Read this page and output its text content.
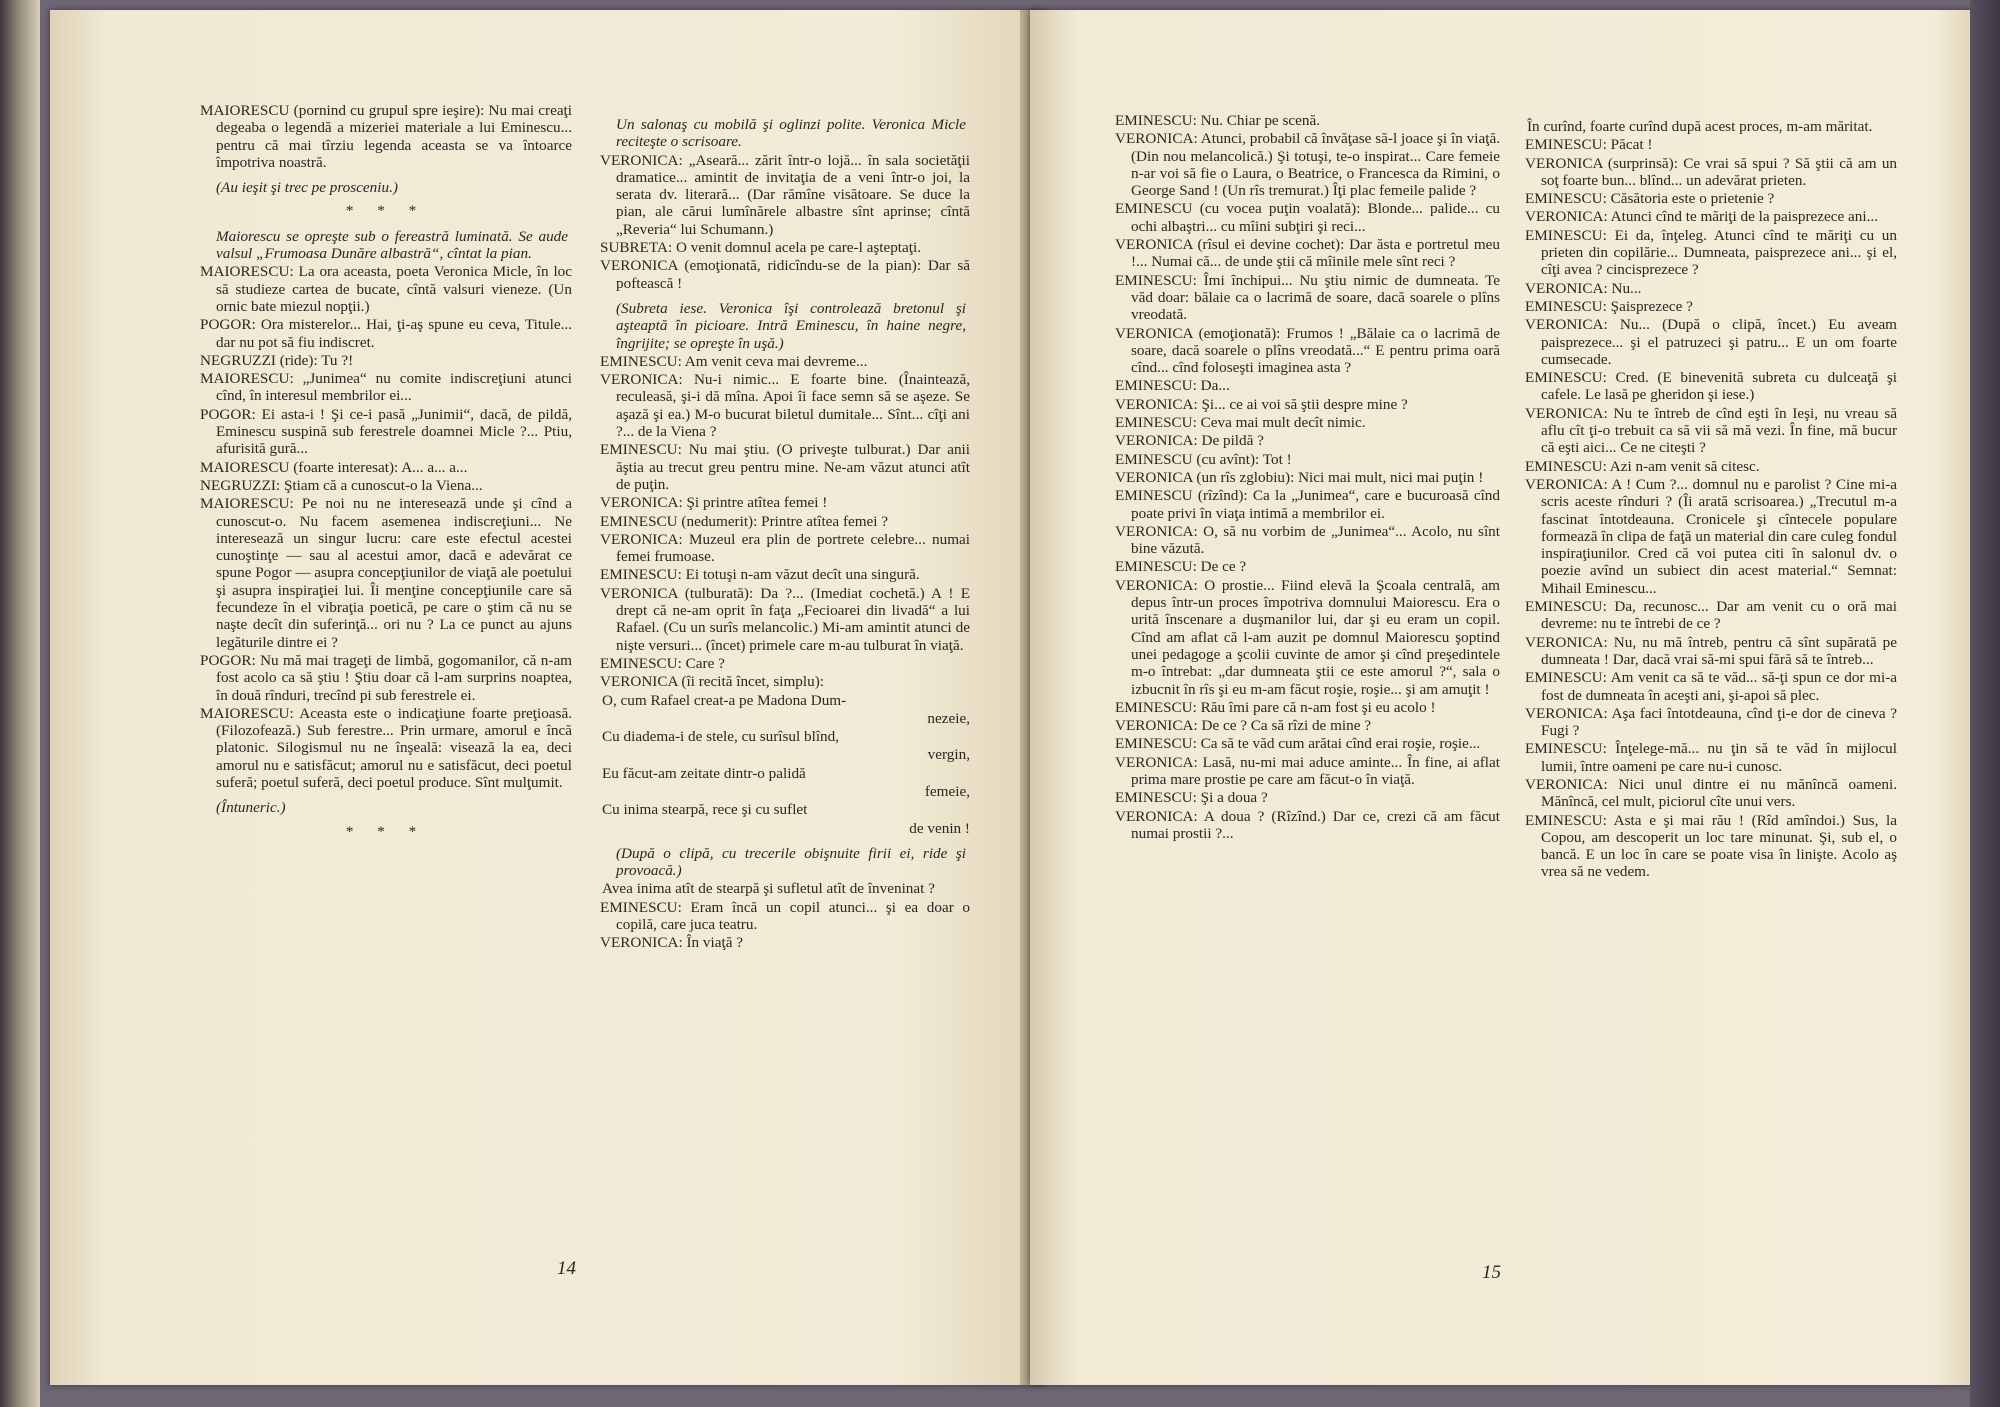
MAIORESCU (pornind cu grupul spre ieşire): Nu mai creaţi degeaba o legendă a mizeriei materiale a lui Eminescu... pentru că mai tîrziu legenda aceasta se va întoarce împotriva noastră.

(Au ieşit şi trec pe prosceniu.)

* * *

Maiorescu se opreşte sub o fereastră luminată. Se aude valsul „Frumoasa Dunăre albastră“, cîntat la pian.

MAIORESCU: La ora aceasta, poeta Veronica Micle, în loc să studieze cartea de bucate, cîntă valsuri vieneze. (Un ornic bate miezul nopţii.)

POGOR: Ora misterelor... Hai, ţi-aş spune eu ceva, Titule... dar nu pot să fiu indiscret.

NEGRUZZI (ride): Tu ?!

MAIORESCU: „Junimea“ nu comite indiscreţiuni atunci cînd, în interesul membrilor ei...

POGOR: Ei asta-i ! Şi ce-i pasă „Junimii“, dacă, de pildă, Eminescu suspină sub ferestrele doamnei Micle ?... Ptiu, afurisită gură...

MAIORESCU (foarte interesat): A... a... a...

NEGRUZZI: Ştiam că a cunoscut-o la Viena...

MAIORESCU: Pe noi nu ne interesează unde şi cînd a cunoscut-o. Nu facem asemenea indiscreţiuni... Ne interesează un singur lucru: care este efectul acestei cunoştinţe — sau al acestui amor, dacă e adevărat ce spune Pogor — asupra concepţiunilor de viaţă ale poetului şi asupra inspiraţiei lui. Îi menţine concepţiunile care să fecundeze în el vibraţia poetică, pe care o ştim că nu se naşte decît din suferinţă... ori nu ? La ce punct au ajuns legăturile dintre ei ?

POGOR: Nu mă mai trageţi de limbă, gogomanilor, că n-am fost acolo ca să ştiu ! Ştiu doar că l-am surprins noaptea, în două rînduri, trecînd pi sub ferestrele ei.

MAIORESCU: Aceasta este o indicaţiune foarte preţioasă. (Filozofează.) Sub ferestre... Prin urmare, amorul e încă platonic. Silogismul nu ne înşeală: visează la ea, deci amorul nu e satisfăcut; amorul nu e satisfăcut, deci poetul suferă; poetul suferă, deci poetul produce. Sînt mulţumit.

(Întuneric.)

* * *

Un salonaş cu mobilă şi oglinzi polite. Veronica Micle reciteşte o scrisoare.

VERONICA: „Aseară... zărit într-o lojă... în sala societăţii dramatice... amintit de invitaţia de a veni într-o joi, la serata dv. literară... (Dar rămîne visătoare. Se duce la pian, ale cărui lumînărele albastre sînt aprinse; cîntă „Reveria“ lui Schumann.)

SUBRETA: O venit domnul acela pe care-l aşteptaţi.

VERONICA (emoţionată, ridicîndu-se de la pian): Dar să poftească !

(Subreta iese. Veronica îşi controlează bretonul şi aşteaptă în picioare. Intră Eminescu, în haine negre, îngrijite; se opreşte în uşă.)

EMINESCU: Am venit ceva mai devreme...

VERONICA: Nu-i nimic... E foarte bine. (Înaintează, reculeasă, şi-i dă mîna. Apoi îi face semn să se aşeze. Se aşază şi ea.) M-o bucurat biletul dumitale... Sînt... cîţi ani ?... de la Viena ?

EMINESCU: Nu mai ştiu. (O priveşte tulburat.) Dar anii ăştia au trecut greu pentru mine. Ne-am văzut atunci atît de puţin.

VERONICA: Şi printre atîtea femei !

EMINESCU (nedumerit): Printre atîtea femei ?

VERONICA: Muzeul era plin de portrete celebre... numai femei frumoase.

EMINESCU: Ei totuşi n-am văzut decît una singură.

VERONICA (tulburată): Da ?... (Imediat cochetă.) A ! E drept că ne-am oprit în faţa „Fecioarei din livadă“ a lui Rafael. (Cu un surîs melancolic.) Mi-am amintit atunci de nişte versuri... (încet) primele care m-au tulburat în viaţă.

EMINESCU: Care ?

VERONICA (îi recită încet, simplu):

O, cum Rafael creat-a pe Madona Dum-

nezeie,

Cu diadema-i de stele, cu surîsul blînd,

vergin,

Eu făcut-am zeitate dintr-o palidă

femeie,

Cu inima stearpă, rece şi cu suflet

de venin !

(După o clipă, cu trecerile obişnuite firii ei, ride şi provoacă.)

Avea inima atît de stearpă şi sufletul atît de înveninat ?

EMINESCU: Eram încă un copil atunci... şi ea doar o copilă, care juca teatru.

VERONICA: În viaţă ?

14

EMINESCU: Nu. Chiar pe scenă.

VERONICA: Atunci, probabil că învăţase să-l joace şi în viaţă. (Din nou melancolică.) Şi totuşi, te-o inspirat... Care femeie n-ar voi să fie o Laura, o Beatrice, o Francesca da Rimini, o George Sand ! (Un rîs tremurat.) Îţi plac femeile palide ?

EMINESCU (cu vocea puţin voalată): Blonde... palide... cu ochi albaştri... cu mîini subţiri şi reci...

VERONICA (rîsul ei devine cochet): Dar ăsta e portretul meu !... Numai că... de unde ştii că mîinile mele sînt reci ?

EMINESCU: Îmi închipui... Nu ştiu nimic de dumneata. Te văd doar: bălaie ca o lacrimă de soare, dacă soarele o plîns vreodată.

VERONICA (emoţionată): Frumos ! „Bălaie ca o lacrimă de soare, dacă soarele o plîns vreodată...“ E pentru prima oară cînd... cînd foloseşti imaginea asta ?

EMINESCU: Da...

VERONICA: Şi... ce ai voi să ştii despre mine ?

EMINESCU: Ceva mai mult decît nimic.

VERONICA: De pildă ?

EMINESCU (cu avînt): Tot !

VERONICA (un rîs zglobiu): Nici mai mult, nici mai puţin !

EMINESCU (rîzînd): Ca la „Junimea“, care e bucuroasă cînd poate privi în viaţa intimă a membrilor ei.

VERONICA: O, să nu vorbim de „Junimea“... Acolo, nu sînt bine văzută.

EMINESCU: De ce ?

VERONICA: O prostie... Fiind elevă la Şcoala centrală, am depus într-un proces împotriva domnului Maiorescu. Era o urită înscenare a duşmanilor lui, dar şi eu eram un copil. Cînd am aflat că l-am auzit pe domnul Maiorescu şoptind unei pedagoge a şcolii cuvinte de amor şi cînd preşedintele m-o întrebat: „dar dumneata ştii ce este amorul ?“, sala o izbucnit în rîs şi eu m-am făcut roşie, roşie... şi am amuţit !

EMINESCU: Rău îmi pare că n-am fost şi eu acolo !

VERONICA: De ce ? Ca să rîzi de mine ?

EMINESCU: Ca să te văd cum arătai cînd erai roşie, roşie...

VERONICA: Lasă, nu-mi mai aduce aminte... În fine, ai aflat prima mare prostie pe care am făcut-o în viaţă.

EMINESCU: Şi a doua ?

VERONICA: A doua ? (Rîzînd.) Dar ce, crezi că am făcut numai prostii ?...

În curînd, foarte curînd după acest proces, m-am măritat.

EMINESCU: Păcat !

VERONICA (surprinsă): Ce vrai să spui ? Să ştii că am un soţ foarte bun... blînd... un adevărat prieten.

EMINESCU: Căsătoria este o prietenie ?

VERONICA: Atunci cînd te măriţi de la paisprezece ani...

EMINESCU: Ei da, înţeleg. Atunci cînd te măriţi cu un prieten din copilărie... Dumneata, paisprezece ani... şi el, cîţi avea ? cincisprezece ?

VERONICA: Nu...

EMINESCU: Şaisprezece ?

VERONICA: Nu... (După o clipă, încet.) Eu aveam paisprezece... şi el patruzeci şi patru... E un om foarte cumsecade.

EMINESCU: Cred. (E binevenită subreta cu dulceaţă şi cafele. Le lasă pe gheridon şi iese.)

VERONICA: Nu te întreb de cînd eşti în Ieşi, nu vreau să aflu cît ţi-o trebuit ca să vii să mă vezi. În fine, mă bucur că eşti aici... Ce ne citeşti ?

EMINESCU: Azi n-am venit să citesc.

VERONICA: A ! Cum ?... domnul nu e parolist ? Cine mi-a scris aceste rînduri ? (Îi arată scrisoarea.) „Trecutul m-a fascinat întotdeauna. Cronicele şi cîntecele populare formează în clipa de faţă un material din care culeg fondul inspiraţiunilor. Cred că voi putea citi în salonul dv. o poezie avînd un subiect din acest material.“ Semnat: Mihail Eminescu...

EMINESCU: Da, recunosc... Dar am venit cu o oră mai devreme: nu te întrebi de ce ?

VERONICA: Nu, nu mă întreb, pentru că sînt supărată pe dumneata ! Dar, dacă vrai să-mi spui fără să te întreb...

EMINESCU: Am venit ca să te văd... să-ţi spun ce dor mi-a fost de dumneata în aceşti ani, şi-apoi să plec.

VERONICA: Aşa faci întotdeauna, cînd ţi-e dor de cineva ? Fugi ?

EMINESCU: Înţelege-mă... nu ţin să te văd în mijlocul lumii, între oameni pe care nu-i cunosc.

VERONICA: Nici unul dintre ei nu mănîncă oameni. Mănîncă, cel mult, piciorul cîte unui vers.

EMINESCU: Asta e şi mai rău ! (Rîd amîndoi.) Sus, la Copou, am descoperit un loc tare minunat. Şi, sub el, o bancă. E un loc în care se poate visa în linişte. Acolo aş vrea să ne vedem.

15
